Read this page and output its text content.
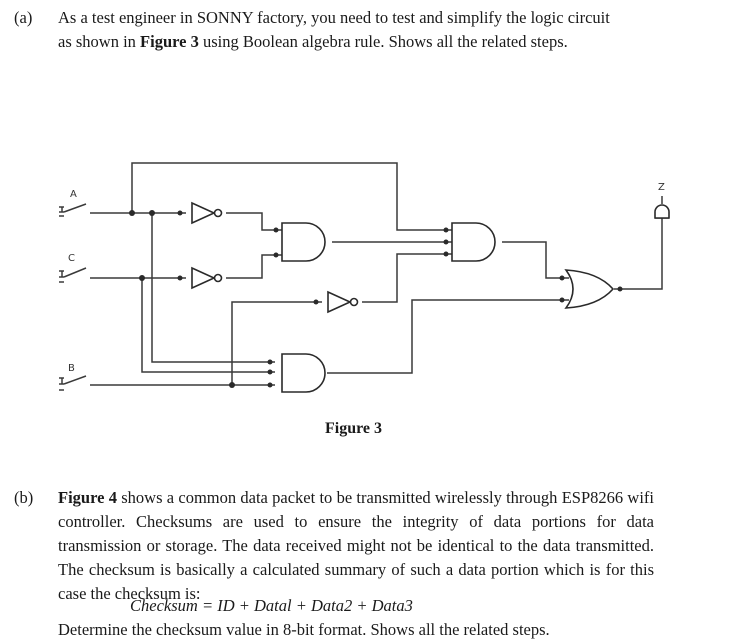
(a) As a test engineer in SONNY factory, you need to test and simplify the logic circuit
as shown in Figure 3 using Boolean algebra rule. Shows all the related steps.
A
C
B
Z
Figure 3
(b) Figure 4 shows a common data packet to be transmitted wirelessly through ESP8266 wifi controller. Checksums are used to ensure the integrity of data portions for data transmission or storage. The data received might not be identical to the data transmitted. The checksum is basically a calculated summary of such a data portion which is for this case the checksum is:
Checksum = ID + Datal + Data2 + Data3
Determine the checksum value in 8-bit format. Shows all the related steps.
